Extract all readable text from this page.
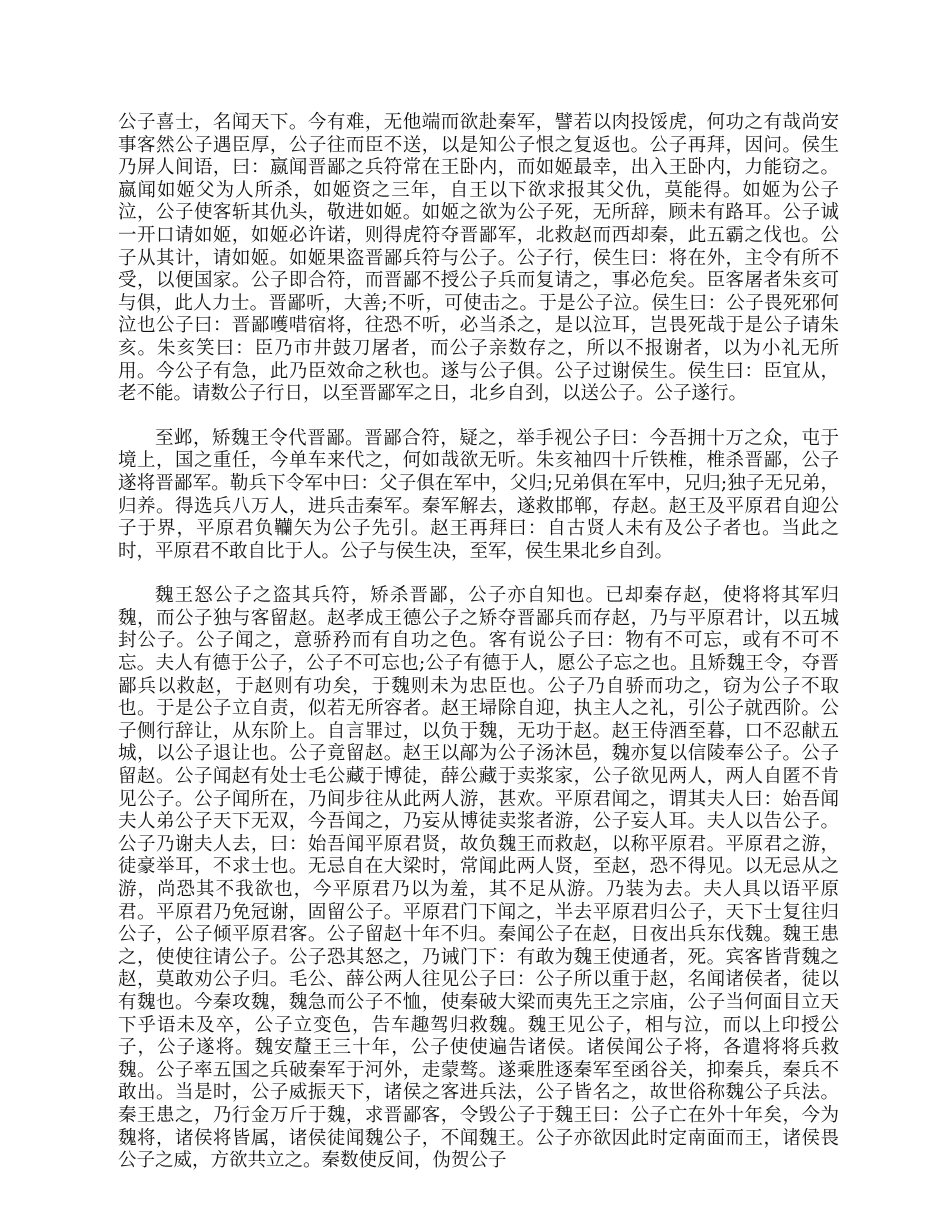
公子喜士，名闻天下。今有难，无他端而欲赴秦军，譬若以肉投馁虎，何功之有哉尚安事客然公子遇臣厚，公子往而臣不送，以是知公子恨之复返也。公子再拜，因问。侯生乃屏人间语，曰：嬴闻晋鄙之兵符常在王卧内，而如姬最幸，出入王卧内，力能窃之。嬴闻如姬父为人所杀，如姬资之三年，自王以下欲求报其父仇，莫能得。如姬为公子泣，公子使客斩其仇头，敬进如姬。如姬之欲为公子死，无所辞，顾未有路耳。公子诚一开口请如姬，如姬必许诺，则得虎符夺晋鄙军，北救赵而西却秦，此五霸之伐也。公子从其计，请如姬。如姬果盗晋鄙兵符与公子。公子行，侯生曰：将在外，主令有所不受，以便国家。公子即合符，而晋鄙不授公子兵而复请之，事必危矣。臣客屠者朱亥可与俱，此人力士。晋鄙听，大善;不听，可使击之。于是公子泣。侯生曰：公子畏死邪何泣也公子曰：晋鄙嚄唶宿将，往恐不听，必当杀之，是以泣耳，岂畏死哉于是公子请朱亥。朱亥笑曰：臣乃市井鼓刀屠者，而公子亲数存之，所以不报谢者，以为小礼无所用。今公子有急，此乃臣效命之秋也。遂与公子俱。公子过谢侯生。侯生曰：臣宜从，老不能。请数公子行日，以至晋鄙军之日，北乡自刭，以送公子。公子遂行。

至邺，矫魏王令代晋鄙。晋鄙合符，疑之，举手视公子曰：今吾拥十万之众，屯于境上，国之重任，今单车来代之，何如哉欲无听。朱亥袖四十斤铁椎，椎杀晋鄙，公子遂将晋鄙军。勒兵下令军中曰：父子俱在军中，父归;兄弟俱在军中，兄归;独子无兄弟，归养。得选兵八万人，进兵击秦军。秦军解去，遂救邯郸，存赵。赵王及平原君自迎公子于界，平原君负韊矢为公子先引。赵王再拜曰：自古贤人未有及公子者也。当此之时，平原君不敢自比于人。公子与侯生决，至军，侯生果北乡自刭。

魏王怒公子之盗其兵符，矫杀晋鄙，公子亦自知也。已却秦存赵，使将将其军归魏，而公子独与客留赵。赵孝成王德公子之矫夺晋鄙兵而存赵，乃与平原君计，以五城封公子。公子闻之，意骄矜而有自功之色。客有说公子曰：物有不可忘，或有不可不忘。夫人有德于公子，公子不可忘也;公子有德于人，愿公子忘之也。且矫魏王令，夺晋鄙兵以救赵，于赵则有功矣，于魏则未为忠臣也。公子乃自骄而功之，窃为公子不取也。于是公子立自责，似若无所容者。赵王埽除自迎，执主人之礼，引公子就西阶。公子侧行辞让，从东阶上。自言罪过，以负于魏，无功于赵。赵王侍酒至暮，口不忍献五城，以公子退让也。公子竟留赵。赵王以鄗为公子汤沐邑，魏亦复以信陵奉公子。公子留赵。公子闻赵有处士毛公藏于博徒，薛公藏于卖浆家，公子欲见两人，两人自匿不肯见公子。公子闻所在，乃间步往从此两人游，甚欢。平原君闻之，谓其夫人曰：始吾闻夫人弟公子天下无双，今吾闻之，乃妄从博徒卖浆者游，公子妄人耳。夫人以告公子。公子乃谢夫人去，曰：始吾闻平原君贤，故负魏王而救赵，以称平原君。平原君之游，徒豪举耳，不求士也。无忌自在大梁时，常闻此两人贤，至赵，恐不得见。以无忌从之游，尚恐其不我欲也，今平原君乃以为羞，其不足从游。乃装为去。夫人具以语平原君。平原君乃免冠谢，固留公子。平原君门下闻之，半去平原君归公子，天下士复往归公子，公子倾平原君客。公子留赵十年不归。秦闻公子在赵，日夜出兵东伐魏。魏王患之，使使往请公子。公子恐其怒之，乃诫门下：有敢为魏王使通者，死。宾客皆背魏之赵，莫敢劝公子归。毛公、薛公两人往见公子曰：公子所以重于赵，名闻诸侯者，徒以有魏也。今秦攻魏，魏急而公子不恤，使秦破大梁而夷先王之宗庙，公子当何面目立天下乎语未及卒，公子立变色，告车趣驾归救魏。魏王见公子，相与泣，而以上印授公子，公子遂将。魏安釐王三十年，公子使使遍告诸侯。诸侯闻公子将，各遣将将兵救魏。公子率五国之兵破秦军于河外，走蒙骜。遂乘胜逐秦军至函谷关，抑秦兵，秦兵不敢出。当是时，公子威振天下，诸侯之客进兵法，公子皆名之，故世俗称魏公子兵法。秦王患之，乃行金万斤于魏，求晋鄙客，令毁公子于魏王曰：公子亡在外十年矣，今为魏将，诸侯将皆属，诸侯徒闻魏公子，不闻魏王。公子亦欲因此时定南面而王，诸侯畏公子之威，方欲共立之。秦数使反间，伪贺公子
